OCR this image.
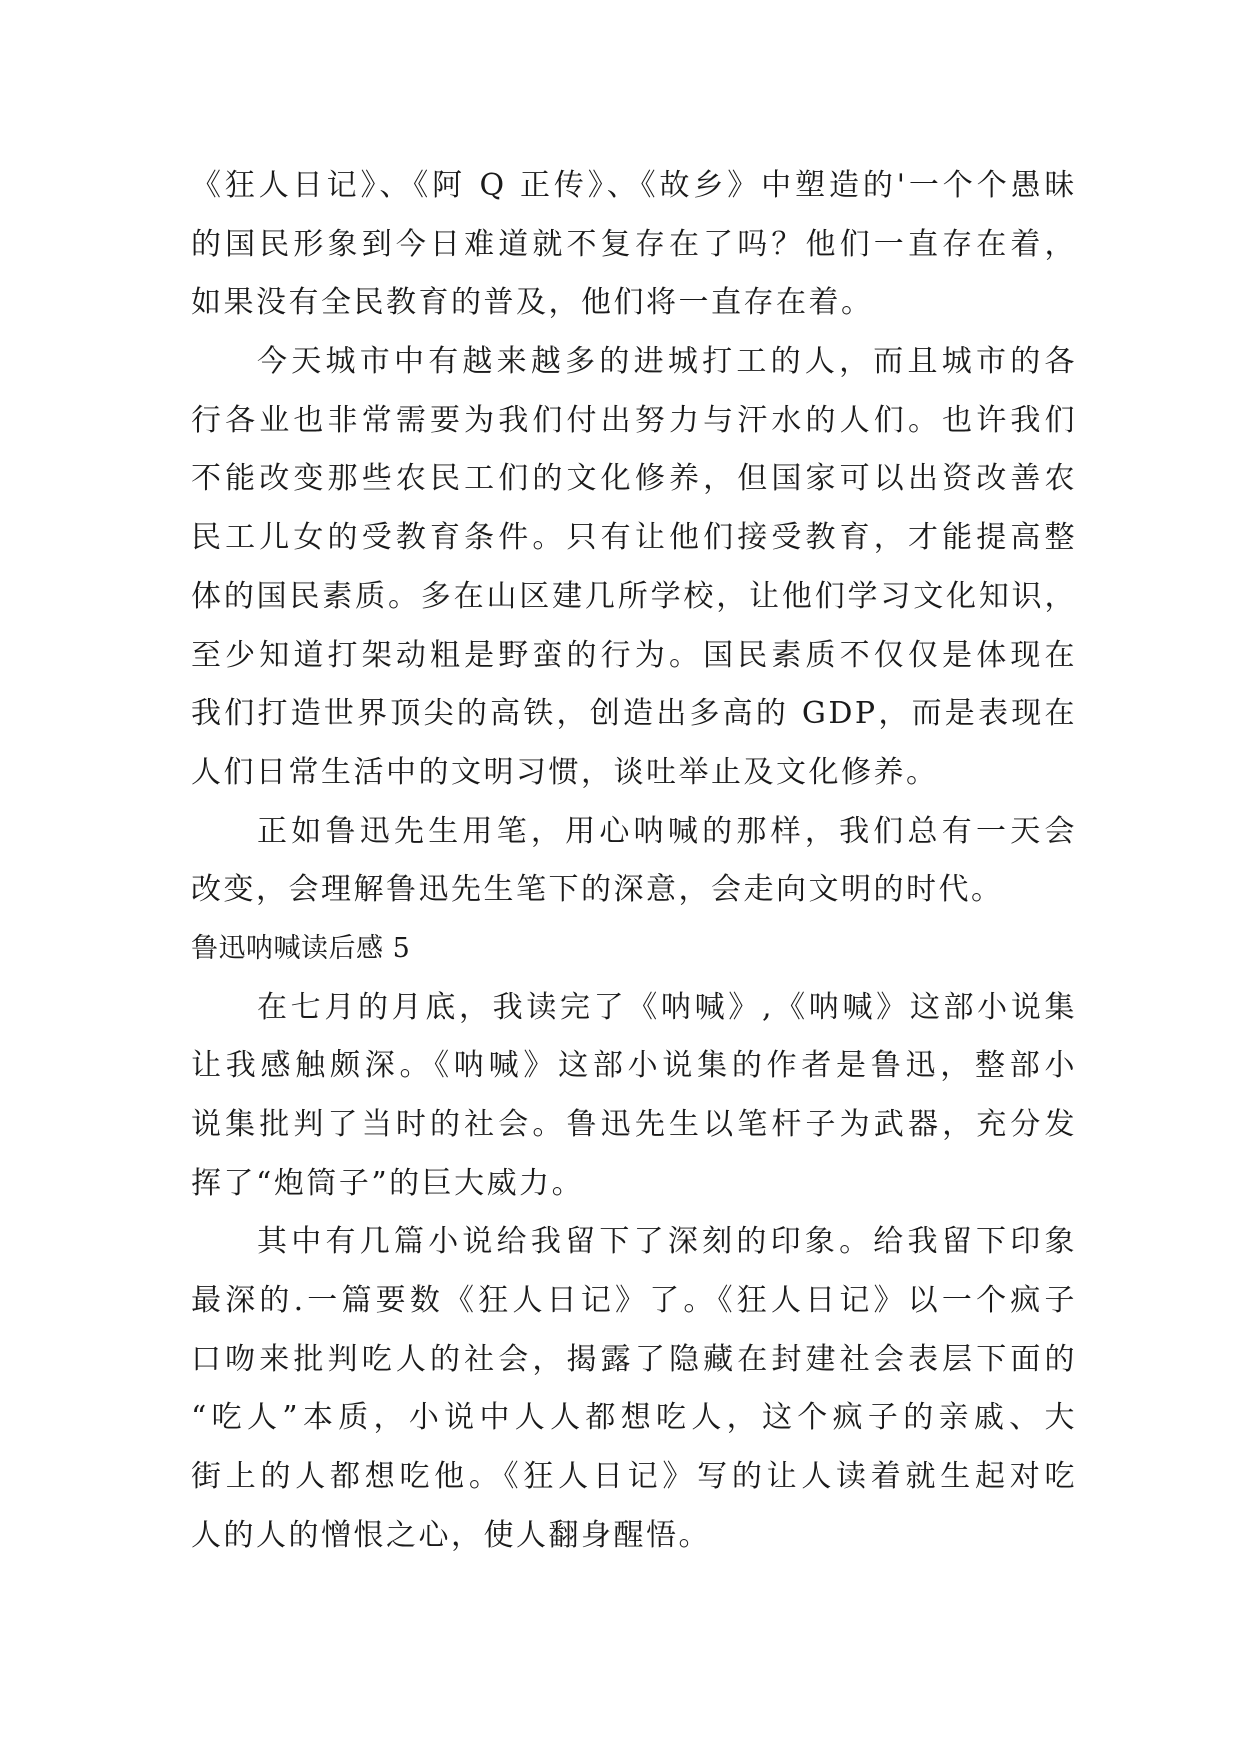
《狂人日记》、《阿 Q 正传》、《故乡》中塑造的'一个个愚昧
的国民形象到今日难道就不复存在了吗？他们一直存在着，
如果没有全民教育的普及，他们将一直存在着。
今天城市中有越来越多的进城打工的人，而且城市的各
行各业也非常需要为我们付出努力与汗水的人们。也许我们
不能改变那些农民工们的文化修养，但国家可以出资改善农
民工儿女的受教育条件。只有让他们接受教育，才能提高整
体的国民素质。多在山区建几所学校，让他们学习文化知识，
至少知道打架动粗是野蛮的行为。国民素质不仅仅是体现在
我们打造世界顶尖的高铁，创造出多高的 GDP，而是表现在
人们日常生活中的文明习惯，谈吐举止及文化修养。
正如鲁迅先生用笔，用心呐喊的那样，我们总有一天会
改变，会理解鲁迅先生笔下的深意，会走向文明的时代。
鲁迅呐喊读后感 5
在七月的月底，我读完了《呐喊》,《呐喊》这部小说集
让我感触颇深。《呐喊》这部小说集的作者是鲁迅，整部小
说集批判了当时的社会。鲁迅先生以笔杆子为武器，充分发
挥了“炮筒子”的巨大威力。
其中有几篇小说给我留下了深刻的印象。给我留下印象
最深的.一篇要数《狂人日记》了。《狂人日记》以一个疯子
口吻来批判吃人的社会，揭露了隐藏在封建社会表层下面的
“吃人”本质，小说中人人都想吃人，这个疯子的亲戚、大
街上的人都想吃他。《狂人日记》写的让人读着就生起对吃
人的人的憎恨之心，使人翻身醒悟。
